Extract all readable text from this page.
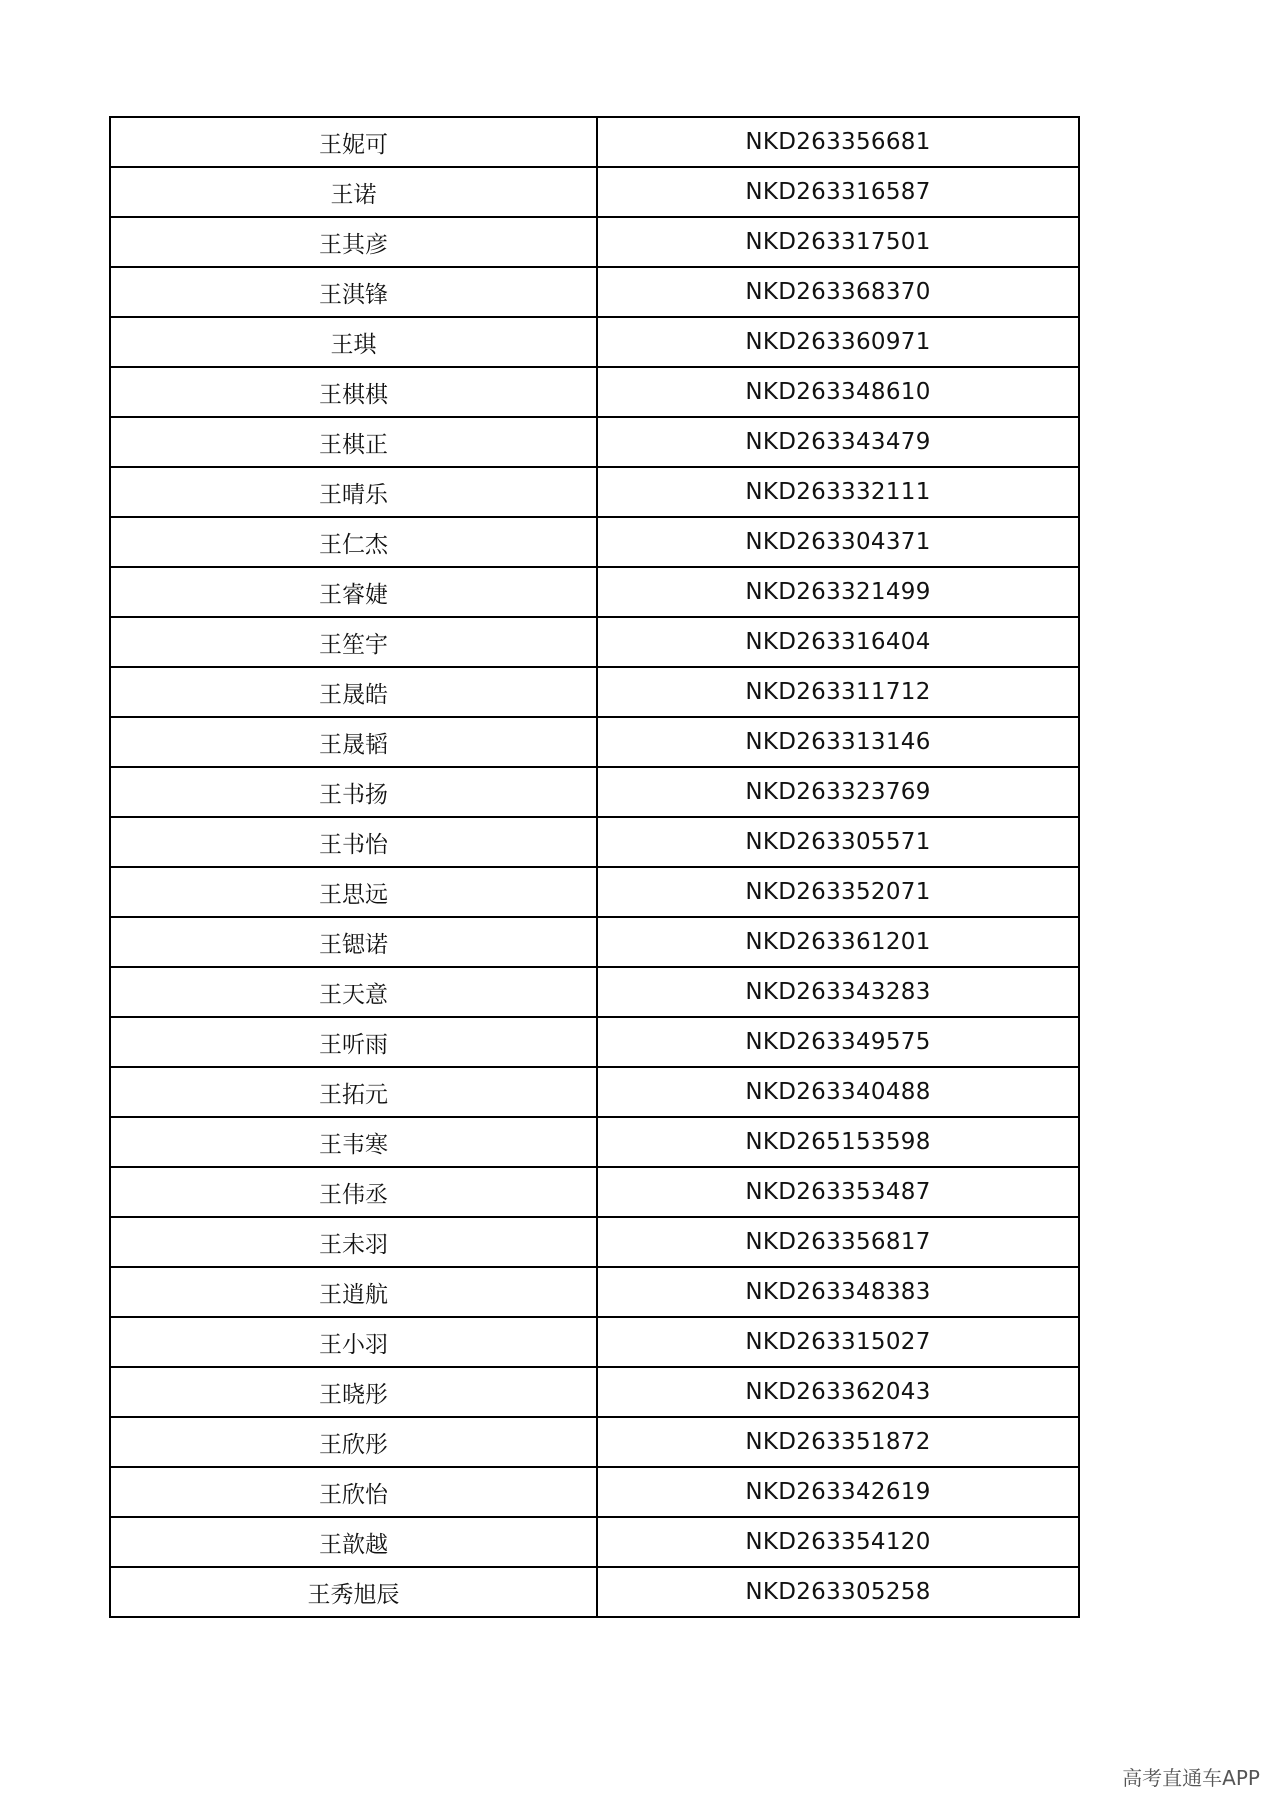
王妮可	NKD263356681
王诺	NKD263316587
王其彦	NKD263317501
王淇锋	NKD263368370
王琪	NKD263360971
王棋棋	NKD263348610
王棋正	NKD263343479
王晴乐	NKD263332111
王仁杰	NKD263304371
王睿婕	NKD263321499
王笙宇	NKD263316404
王晟皓	NKD263311712
王晟韬	NKD263313146
王书扬	NKD263323769
王书怡	NKD263305571
王思远	NKD263352071
王锶诺	NKD263361201
王天意	NKD263343283
王听雨	NKD263349575
王拓元	NKD263340488
王韦寒	NKD265153598
王伟丞	NKD263353487
王未羽	NKD263356817
王逍航	NKD263348383
王小羽	NKD263315027
王晓彤	NKD263362043
王欣彤	NKD263351872
王欣怡	NKD263342619
王歆越	NKD263354120
王秀旭辰	NKD263305258
高考直通车APP
